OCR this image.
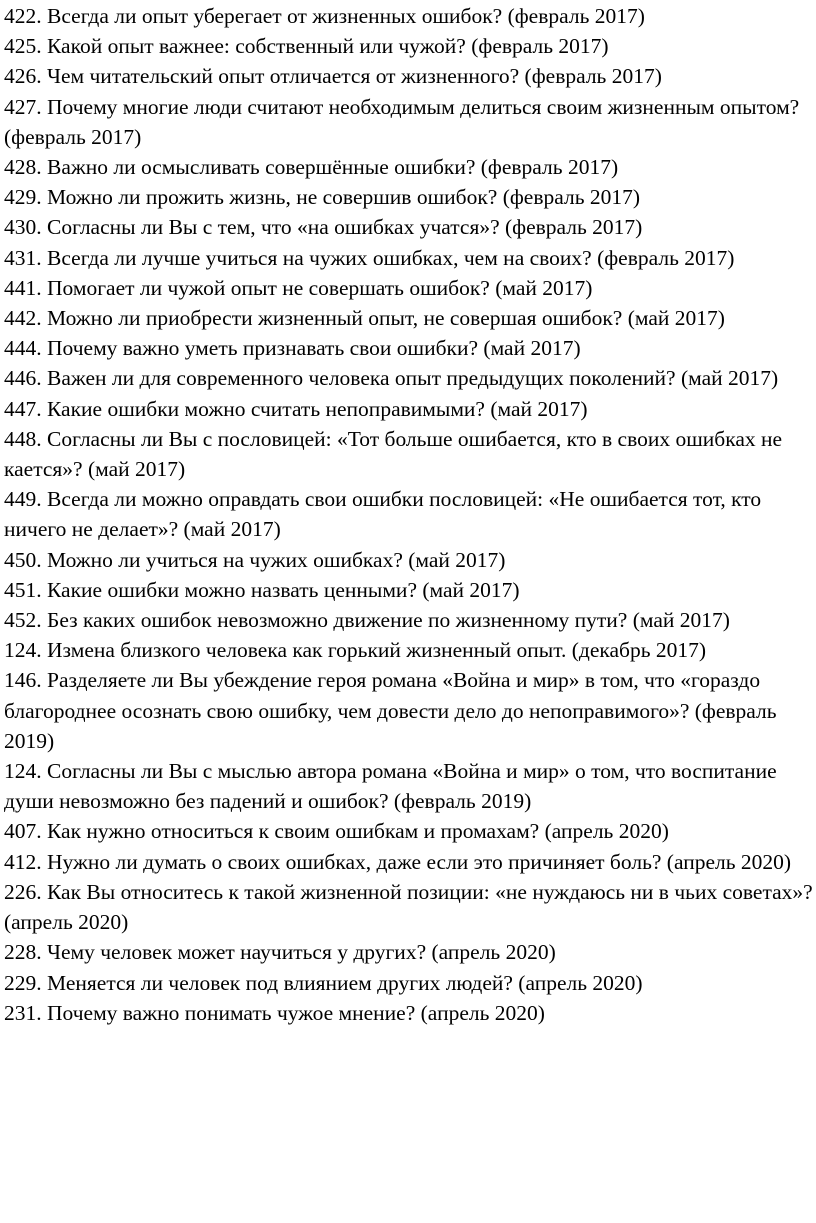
422. Всегда ли опыт уберегает от жизненных ошибок? (февраль 2017)

425. Какой опыт важнее: собственный или чужой? (февраль 2017)

426. Чем читательский опыт отличается от жизненного? (февраль 2017)

427. Почему многие люди считают необходимым делиться своим жизненным опытом? (февраль 2017)

428. Важно ли осмысливать совершённые ошибки? (февраль 2017)

429. Можно ли прожить жизнь, не совершив ошибок? (февраль 2017)

430. Согласны ли Вы с тем, что «на ошибках учатся»? (февраль 2017)

431. Всегда ли лучше учиться на чужих ошибках, чем на своих? (февраль 2017)

441. Помогает ли чужой опыт не совершать ошибок? (май 2017)

442. Можно ли приобрести жизненный опыт, не совершая ошибок? (май 2017)

444. Почему важно уметь признавать свои ошибки? (май 2017)

446. Важен ли для современного человека опыт предыдущих поколений? (май 2017)

447. Какие ошибки можно считать непоправимыми? (май 2017)

448. Согласны ли Вы с пословицей: «Тот больше ошибается, кто в своих ошибках не кается»? (май 2017)

449. Всегда ли можно оправдать свои ошибки пословицей: «Не ошибается тот, кто ничего не делает»? (май 2017)

450. Можно ли учиться на чужих ошибках? (май 2017)

451. Какие ошибки можно назвать ценными? (май 2017)

452. Без каких ошибок невозможно движение по жизненному пути? (май 2017)

124. Измена близкого человека как горький жизненный опыт. (декабрь 2017)

146. Разделяете ли Вы убеждение героя романа «Война и мир» в том, что «гораздо благороднее осознать свою ошибку, чем довести дело до непоправимого»? (февраль 2019)

124. Согласны ли Вы с мыслью автора романа «Война и мир» о том, что воспитание души невозможно без падений и ошибок? (февраль 2019)

407. Как нужно относиться к своим ошибкам и промахам? (апрель 2020)

412. Нужно ли думать о своих ошибках, даже если это причиняет боль? (апрель 2020)

226. Как Вы относитесь к такой жизненной позиции: «не нуждаюсь ни в чьих советах»? (апрель 2020)

228. Чему человек может научиться у других? (апрель 2020)

229. Меняется ли человек под влиянием других людей? (апрель 2020)

231. Почему важно понимать чужое мнение? (апрель 2020)
